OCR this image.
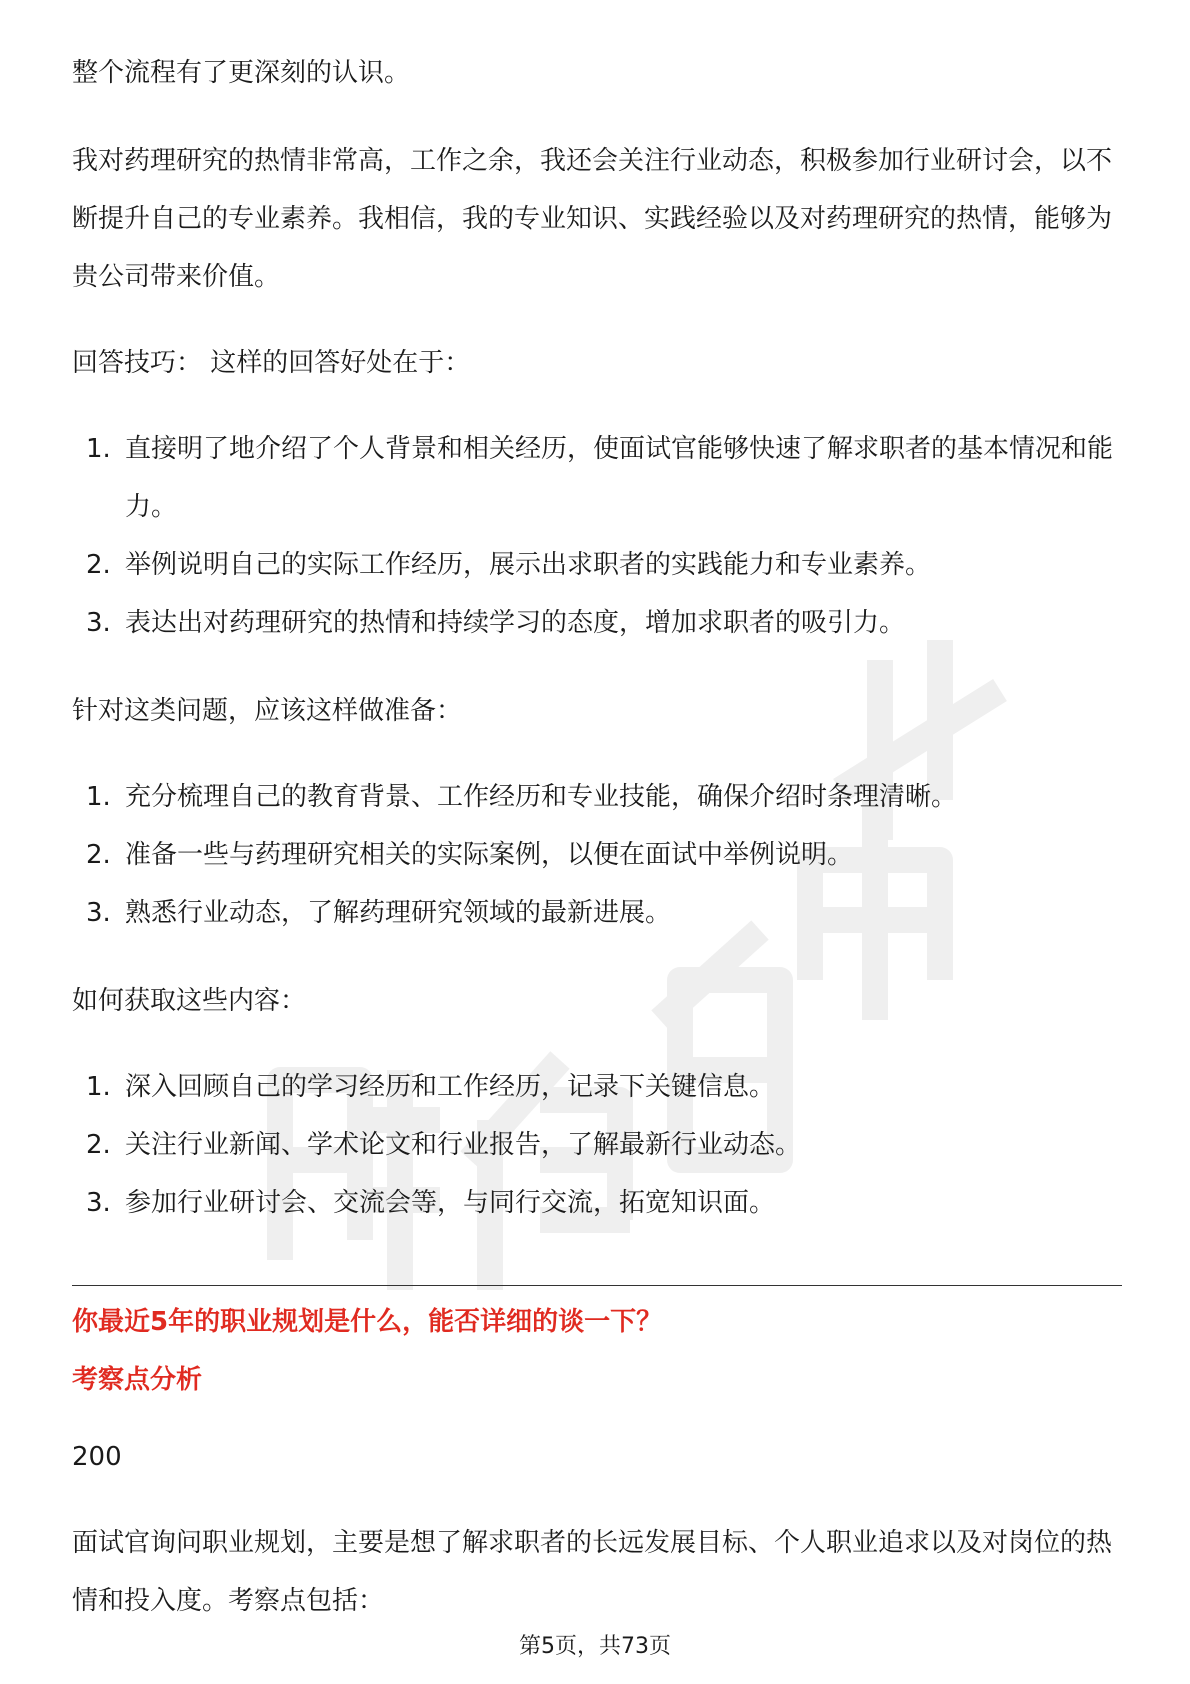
整个流程有了更深刻的认识。

我对药理研究的热情非常高，工作之余，我还会关注行业动态，积极参加行业研讨会，以不断提升自己的专业素养。我相信，我的专业知识、实践经验以及对药理研究的热情，能够为贵公司带来价值。

回答技巧： 这样的回答好处在于：

1. 直接明了地介绍了个人背景和相关经历，使面试官能够快速了解求职者的基本情况和能力。
2. 举例说明自己的实际工作经历，展示出求职者的实践能力和专业素养。
3. 表达出对药理研究的热情和持续学习的态度，增加求职者的吸引力。

针对这类问题，应该这样做准备：

1. 充分梳理自己的教育背景、工作经历和专业技能，确保介绍时条理清晰。
2. 准备一些与药理研究相关的实际案例，以便在面试中举例说明。
3. 熟悉行业动态，了解药理研究领域的最新进展。

如何获取这些内容：

1. 深入回顾自己的学习经历和工作经历，记录下关键信息。
2. 关注行业新闻、学术论文和行业报告，了解最新行业动态。
3. 参加行业研讨会、交流会等，与同行交流，拓宽知识面。
你最近5年的职业规划是什么，能否详细的谈一下？
考察点分析
200
面试官询问职业规划，主要是想了解求职者的长远发展目标、个人职业追求以及对岗位的热情和投入度。考察点包括：
第5页，共73页
